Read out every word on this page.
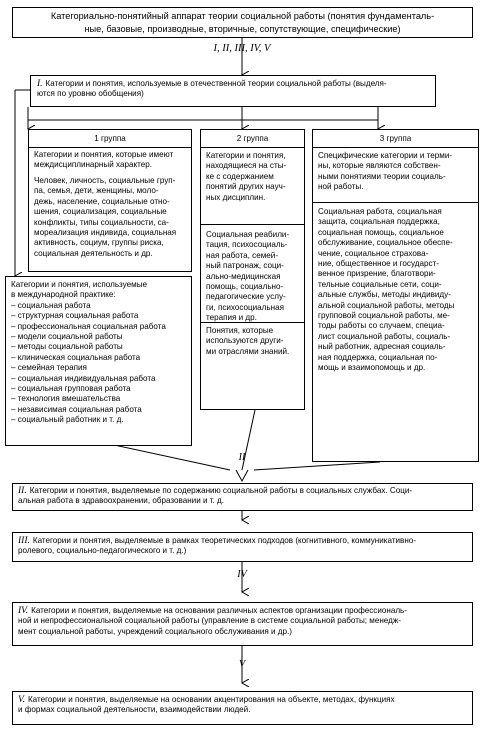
Категориально-понятийный аппарат теории социальной работы (понятия фундаменталь-
ные, базовые, производные, вторичные, сопутствующие, специфические)
I, II, III, IV, V
I. Категории и понятия, используемые в отечественной теории социальной работы (выделя-
ются по уровню обобщения)
1 группа
Категории и понятия, которые имеют
междисциплинарный характер.
Человек, личность, социальные груп-
па, семья, дети, женщины, моло-
дежь, население, социальные отно-
шения, социализация, социальные
конфликты, типы социальности, са-
мореализация индивида, социальная
активность, социум, группы риска,
социальная деятельность и др.
Категории и понятия, используемые
в международной практике:
– социальная работа
– структурная социальная работа
– профессиональная социальная работа
– модели социальной работы
– методы социальной работы
– клиническая социальная работа
– семейная терапия
– социальная индивидуальная работа
– социальная групповая работа
– технология вмешательства
– независимая социальная работа
– социальный работник и т. д.
2 группа
Категории и понятия,
находящиеся на сты-
ке с содержанием
понятий других науч-
ных дисциплин.
Социальная реабили-
тация, психосоциаль-
ная работа, семей-
ный патронаж, соци-
ально-медицинская
помощь, социально-
педагогические услу-
ги, психосоциальная
терапия и др.
Понятия, которые
используются други-
ми отраслями знаний.
3 группа
Специфические категории и терми-
ны, которые являются собствен-
ными понятиями теории социаль-
ной работы.
Социальная работа, социальная
защита, социальная поддержка,
социальная помощь, социальное
обслуживание, социальное обеспе-
чение, социальное страхова-
ние, общественное и государст-
венное призрение, благотвори-
тельные социальные сети, соци-
альные службы, методы индивиду-
альной социальной работы, методы
групповой социальной работы, ме-
тоды работы со случаем, специа-
лист социальной работы, социаль-
ный работник, адресная социаль-
ная поддержка, социальная по-
мощь и взаимопомощь и др.
II
IV
V
II. Категории и понятия, выделяемые по содержанию социальной работы в социальных службах. Соци-
альная работа в здравоохранении, образовании и т. д.
III. Категории и понятия, выделяемые в рамках теоретических подходов (когнитивного, коммуникативно-
ролевого, социально-педагогического и т. д.)
IV. Категории и понятия, выделяемые на основании различных аспектов организации профессиональ-
ной и непрофессиональной социальной работы (управление в системе социальной работы; менедж-
мент социальной работы, учреждений социального обслуживания и др.)
V. Категории и понятия, выделяемые на основании акцентирования на объекте, методах, функциях
и формах социальной деятельности, взаимодействии людей.
